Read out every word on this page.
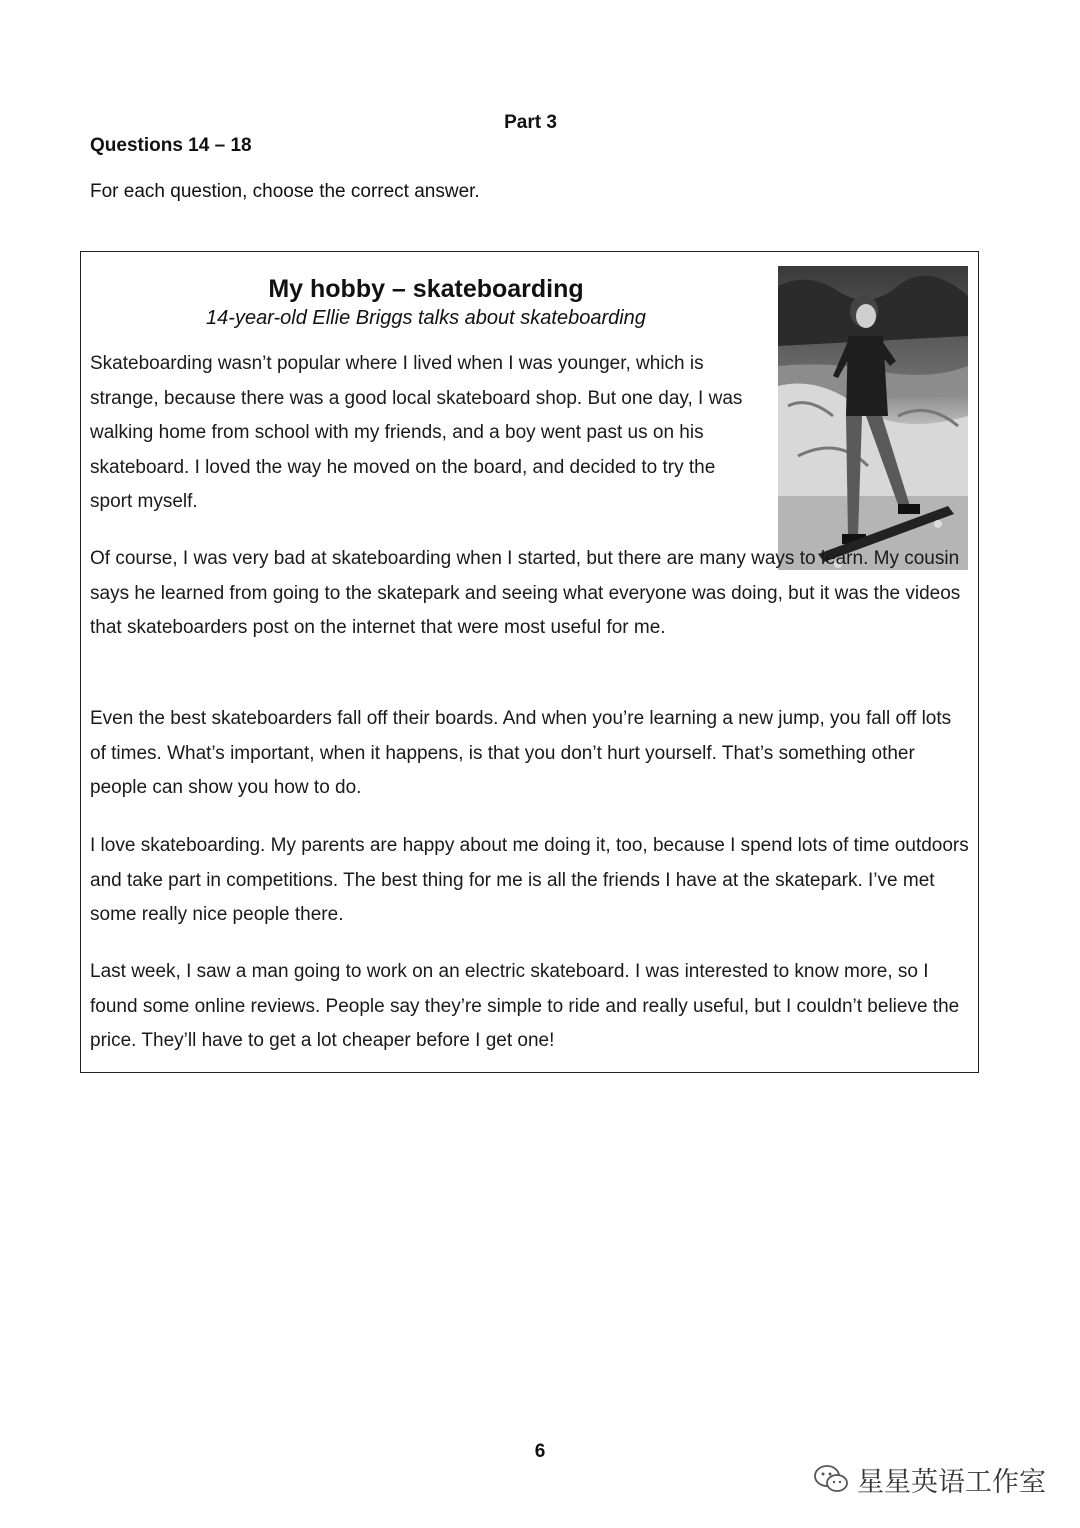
Part 3
Questions 14 – 18
For each question, choose the correct answer.
My hobby – skateboarding
14-year-old Ellie Briggs talks about skateboarding

Skateboarding wasn’t popular where I lived when I was younger, which is strange, because there was a good local skateboard shop. But one day, I was walking home from school with my friends, and a boy went past us on his skateboard. I loved the way he moved on the board, and decided to try the sport myself.

Of course, I was very bad at skateboarding when I started, but there are many ways to learn. My cousin says he learned from going to the skatepark and seeing what everyone was doing, but it was the videos that skateboarders post on the internet that were most useful for me.

Even the best skateboarders fall off their boards. And when you’re learning a new jump, you fall off lots of times. What’s important, when it happens, is that you don’t hurt yourself. That’s something other people can show you how to do.

I love skateboarding. My parents are happy about me doing it, too, because I spend lots of time outdoors and take part in competitions. The best thing for me is all the friends I have at the skatepark. I’ve met some really nice people there.

Last week, I saw a man going to work on an electric skateboard. I was interested to know more, so I found some online reviews. People say they’re simple to ride and really useful, but I couldn’t believe the price. They’ll have to get a lot cheaper before I get one!

6
星星英语工作室
